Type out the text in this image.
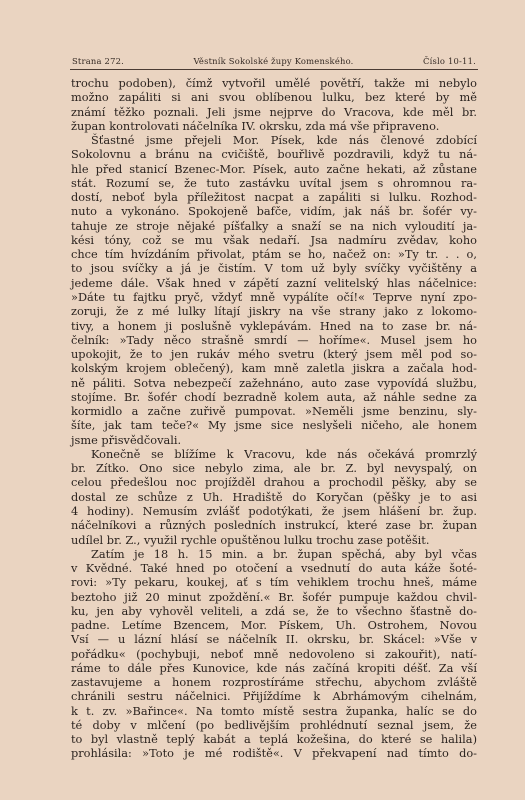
Strana 272.	Věstník Sokolské župy Komenského.	Číslo 10-11.

trochu podoben), čímž vytvořil umělé povětří, takže mi nebylo
možno zapáliti si ani svou oblíbenou lulku, bez které by mě
známí těžko poznali. Jeli jsme nejprve do Vracova, kde měl br.
župan kontrolovati náčelníka IV. okrsku, zda má vše připraveno.

Šťastné jsme přejeli Mor. Písek, kde nás členové zdobící
Sokolovnu a bránu na cvičiště, bouřlivě pozdravili, když tu ná-
hle před stanicí Bzenec-Mor. Písek, auto začne hekati, až zůstane
stát. Rozumí se, že tuto zastávku uvítal jsem s ohromnou ra-
dostí, neboť byla příležitost nacpat a zapáliti si lulku. Rozhod-
nuto a vykonáno. Spokojeně bafče, vidím, jak náš br. šofér vy-
tahuje ze stroje nějaké píšťalky a snaží se na nich vyloudití ja-
kési tóny, což se mu však nedaří. Jsa nadmíru zvědav, koho
chce tím hvízdáním přivolat, ptám se ho, načež on: »Ty tr. . . o,
to jsou svíčky a já je čistím. V tom už byly svíčky vyčištěny a
jedeme dále. Však hned v zápětí zazní velitelský hlas náčelnice:
»Dáte tu fajtku pryč, vždyť mně vypálíte očí!« Teprve nyní zpo-
zoruji, že z mé lulky lítají jiskry na vše strany jako z lokomo-
tivy, a honem ji poslušně vyklepávám. Hned na to zase br. ná-
čelník: »Tady něco strašně smrdí — hoříme«. Musel jsem ho
upokojit, že to jen rukáv mého svetru (který jsem měl pod so-
kolským krojem oblečený), kam mně zaletla jiskra a začala hod-
ně páliti. Sotva nebezpečí zažehnáno, auto zase vypovídá službu,
stojíme. Br. šofér chodí bezradně kolem auta, až náhle sedne za
kormidlo a začne zuřivě pumpovat. »Neměli jsme benzinu, sly-
šíte, jak tam teče?« My jsme sice neslyšeli ničeho, ale honem
jsme přisvědčovali.

Konečně se blížíme k Vracovu, kde nás očekává promrzlý
br. Zítko. Ono sice nebylo zima, ale br. Z. byl nevyspalý, on
celou předešlou noc projížděl drahou a prochodil pěšky, aby se
dostal ze schůze z Uh. Hradiště do Koryčan (pěšky je to asi
4 hodiny). Nemusím zvlášť podotýkati, že jsem hlášení br. žup.
náčelníkovi a různých posledních instrukcí, které zase br. župan
udílel br. Z., využil rychle opuštěnou lulku trochu zase potěšit.

Zatím je 18 h. 15 min. a br. župan spěchá, aby byl včas
v Kvědné. Také hned po otočení a vsednutí do auta káže šoté-
rovi: »Ty pekaru, koukej, ať s tím vehiklem trochu hneš, máme
beztoho již 20 minut zpoždění.« Br. šofér pumpuje každou chvil-
ku, jen aby vyhověl veliteli, a zdá se, že to všechno šťastně do-
padne. Letíme Bzencem, Mor. Pískem, Uh. Ostrohem, Novou
Vsí — u lázní hlásí se náčelník II. okrsku, br. Skácel: »Vše v
pořádku« (pochybuji, neboť mně nedovoleno si zakouřit), natí-
ráme to dále přes Kunovice, kde nás začíná kropiti déšť. Za vší
zastavujeme a honem rozprostíráme střechu, abychom zvláště
chránili sestru náčelnici. Přijíždíme k Abrhámovým cihelnám,
k t. zv. »Bařince«. Na tomto místě sestra županka, halíc se do
té doby v mlčení (po bedlivějším prohlédnutí seznal jsem, že
to byl vlastně teplý kabát a teplá kožešina, do které se halila)
prohlásila: »Toto je mé rodiště«. V překvapení nad tímto do-
